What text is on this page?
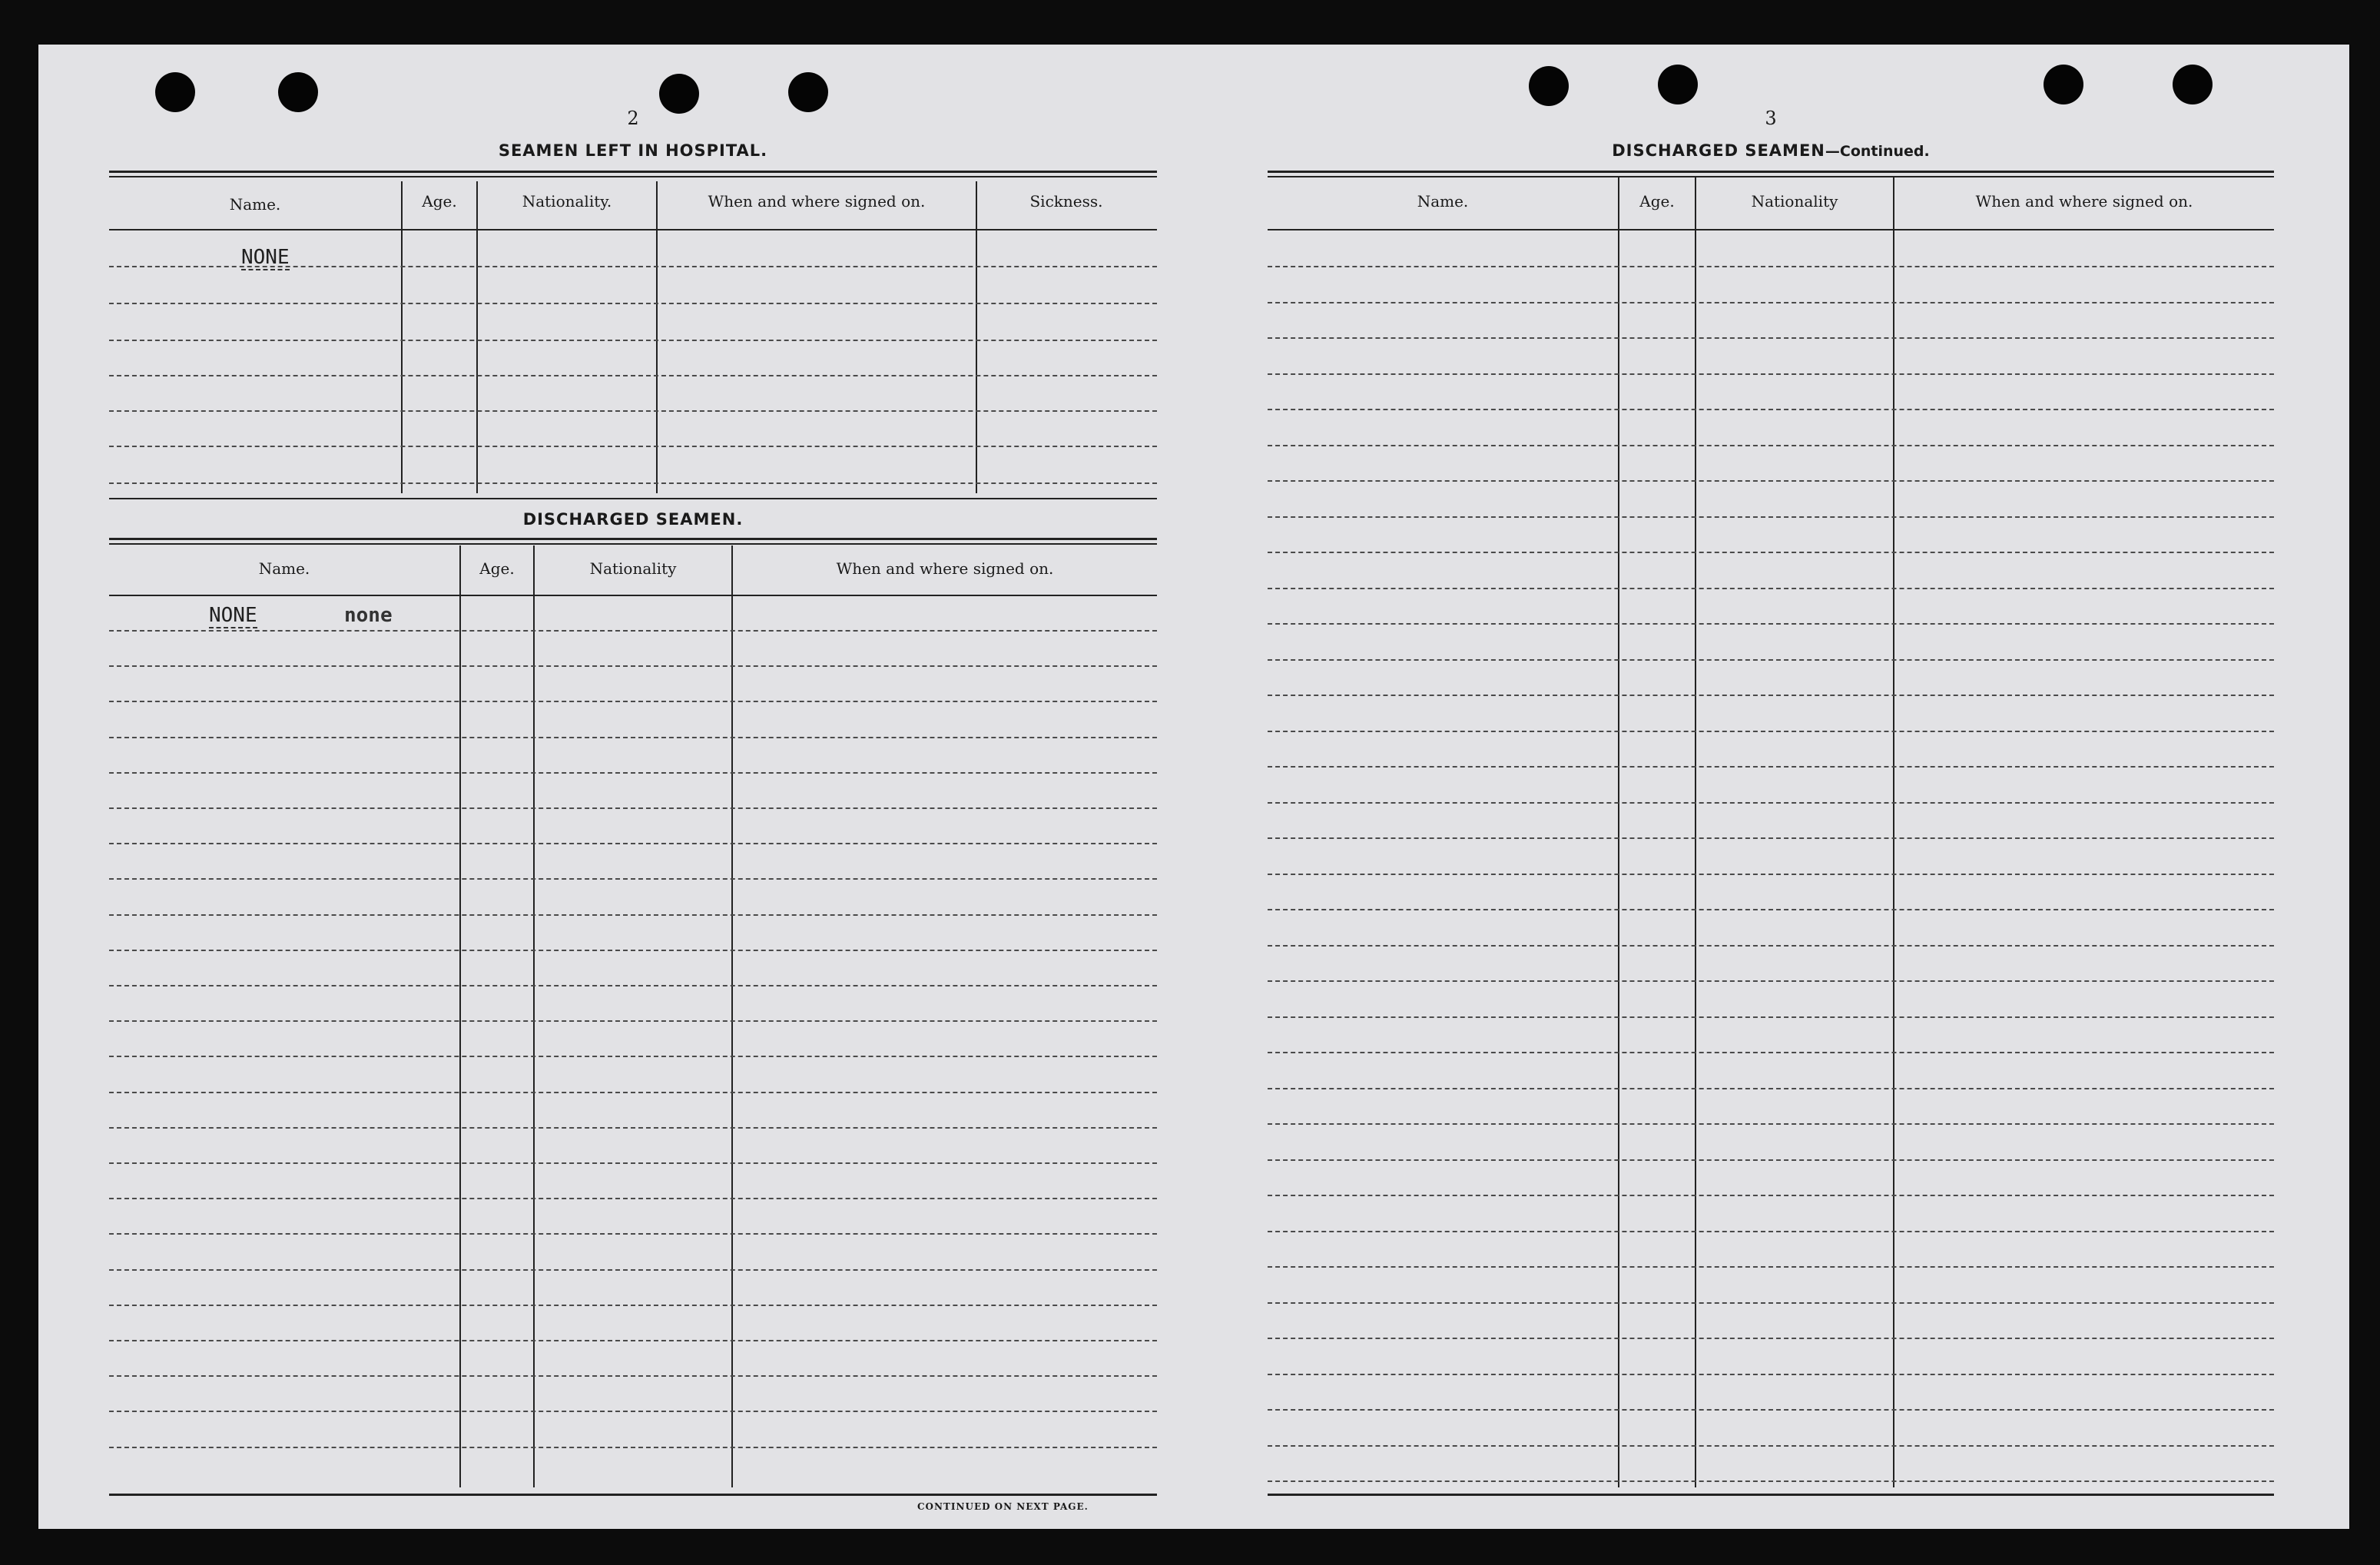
2
SEAMEN LEFT IN HOSPITAL.
Name.	Age.	Nationality.	When and where signed on.	Sickness.
NONE
DISCHARGED SEAMEN.
Name.	Age.	Nationality	When and where signed on.
NONE	none
CONTINUED ON NEXT PAGE.
3
DISCHARGED SEAMEN—Continued.
Name.	Age.	Nationality	When and where signed on.
